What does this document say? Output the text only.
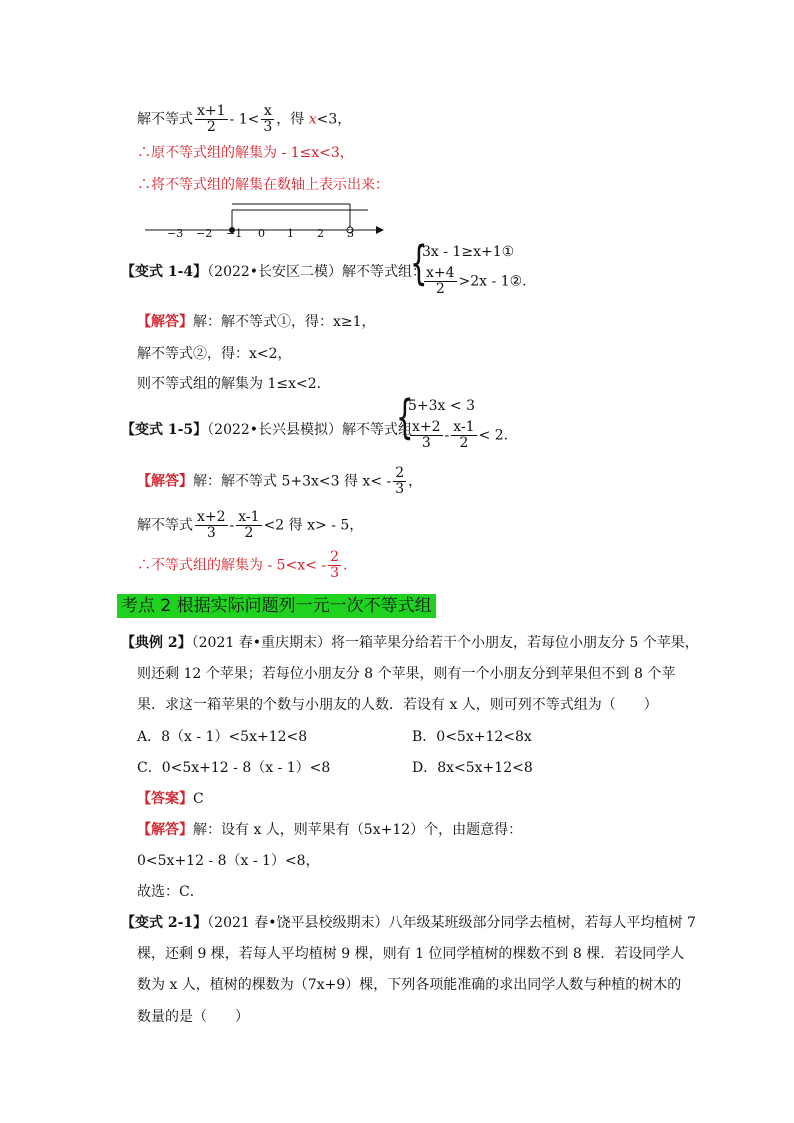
解不等式 $\frac{x+1}{2} - 1< \frac{x}{3}$ ，得 x<3，
∴原不等式组的解集为 - 1≤x<3，
∴将不等式组的解集在数轴上表示出来：
−3 −2 −1 0 1 2 3
【变式 1-4】（2022•长安区二模）解不等式组：
{
3x - 1≥x+1①
$\frac{x+4}{2} >2x$ - 1②.
【解答】解：解不等式①，得：x≥1，
解不等式②，得：x<2，
则不等式组的解集为 1≤x<2．
【变式 1-5】（2022•长兴县模拟）解不等式组
{
5+3x < 3
$\frac{x+2}{3} - \frac{x-1}{2} < 2$.
【解答】解：解不等式 5+3x<3 得 $x< - \frac{2}{3}$ ，
解不等式 $\frac{x+2}{3} - \frac{x-1}{2} <2$ 得 x> - 5，
∴不等式组的解集为 - $5<x< - \frac{2}{3}$ .
考点 2 根据实际问题列一元一次不等式组
【典例 2】（2021 春•重庆期末）将一箱苹果分给若干个小朋友，若每位小朋友分 5 个苹果，
则还剩 12 个苹果；若每位小朋友分 8 个苹果，则有一个小朋友分到苹果但不到 8 个苹
果．求这一箱苹果的个数与小朋友的人数．若设有 x 人，则可列不等式组为（　　）
A．8（x - 1）<5x+12<8	B．0<5x+12<8x
C．0<5x+12 - 8（x - 1）<8	D．8x<5x+12<8
【答案】C
【解答】解：设有 x 人，则苹果有（5x+12）个，由题意得：
0<5x+12 - 8（x - 1）<8，
故选：C．
【变式 2-1】（2021 春•饶平县校级期末）八年级某班级部分同学去植树，若每人平均植树 7
棵，还剩 9 棵，若每人平均植树 9 棵，则有 1 位同学植树的棵数不到 8 棵．若设同学人
数为 x 人，植树的棵数为（7x+9）棵，下列各项能准确的求出同学人数与种植的树木的
数量的是（　　）
